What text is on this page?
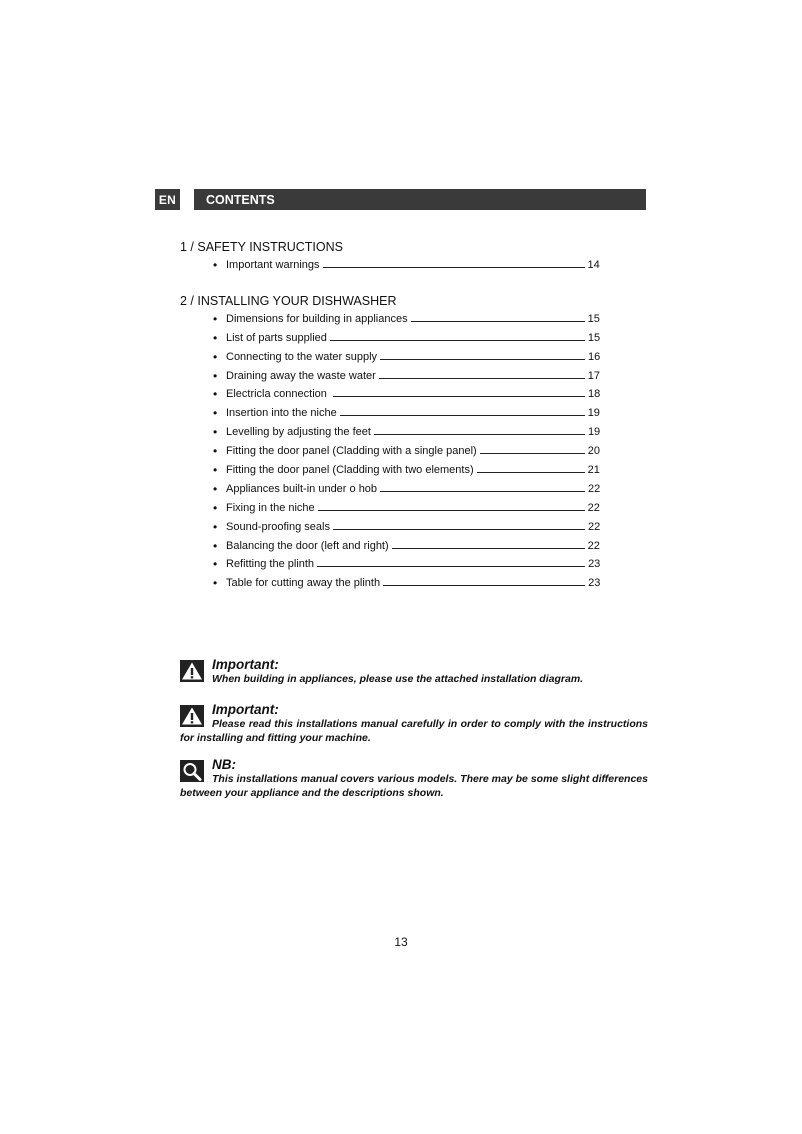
EN	CONTENTS

1 / SAFETY INSTRUCTIONS

• Important warnings	14

2 / INSTALLING YOUR DISHWASHER

• Dimensions for building in appliances	15
• List of parts supplied	15
• Connecting to the water supply	16
• Draining away the waste water	17
• Electricla connection	18
• Insertion into the niche	19
• Levelling by adjusting the feet	19
• Fitting the door panel (Cladding with a single panel)	20
• Fitting the door panel (Cladding with two elements)	21
• Appliances built-in under o hob	22
• Fixing in the niche	22
• Sound-proofing seals	22
• Balancing the door (left and right)	22
• Refitting the plinth	23
• Table for cutting away the plinth	23
Important:

When building in appliances, please use the attached installation diagram.

Important:

Please read this installations manual carefully in order to comply with the instructions for installing and fitting your machine.

NB:

This installations manual covers various models. There may be some slight differences between your appliance and the descriptions shown.

13
